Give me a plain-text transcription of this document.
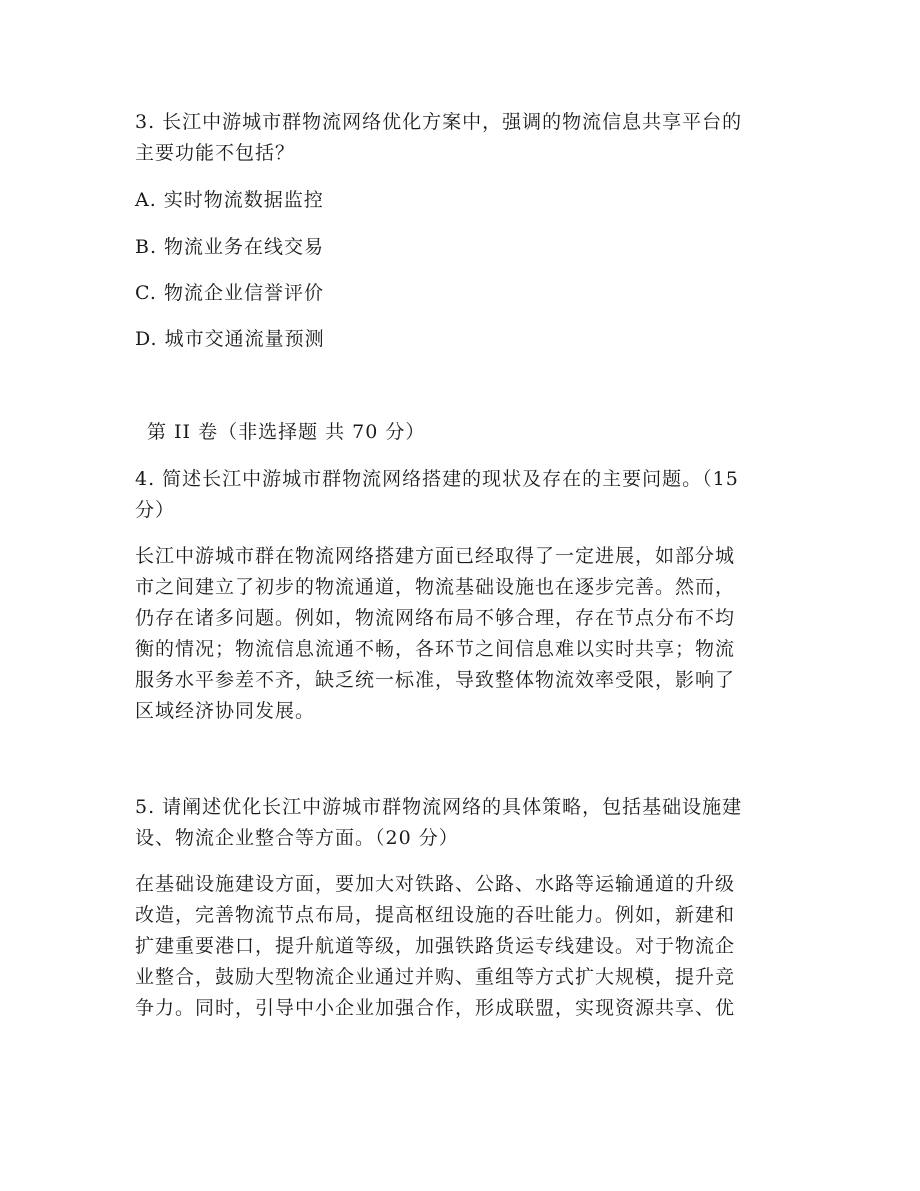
3. 长江中游城市群物流网络优化方案中，强调的物流信息共享平台的
主要功能不包括？
A. 实时物流数据监控
B. 物流业务在线交易
C. 物流企业信誉评价
D. 城市交通流量预测
第 II 卷（非选择题 共 70 分）
4. 简述长江中游城市群物流网络搭建的现状及存在的主要问题。（15
分）
长江中游城市群在物流网络搭建方面已经取得了一定进展，如部分城
市之间建立了初步的物流通道，物流基础设施也在逐步完善。然而，
仍存在诸多问题。例如，物流网络布局不够合理，存在节点分布不均
衡的情况；物流信息流通不畅，各环节之间信息难以实时共享；物流
服务水平参差不齐，缺乏统一标准，导致整体物流效率受限，影响了
区域经济协同发展。
5. 请阐述优化长江中游城市群物流网络的具体策略，包括基础设施建
设、物流企业整合等方面。（20 分）
在基础设施建设方面，要加大对铁路、公路、水路等运输通道的升级
改造，完善物流节点布局，提高枢纽设施的吞吐能力。例如，新建和
扩建重要港口，提升航道等级，加强铁路货运专线建设。对于物流企
业整合，鼓励大型物流企业通过并购、重组等方式扩大规模，提升竞
争力。同时，引导中小企业加强合作，形成联盟，实现资源共享、优
